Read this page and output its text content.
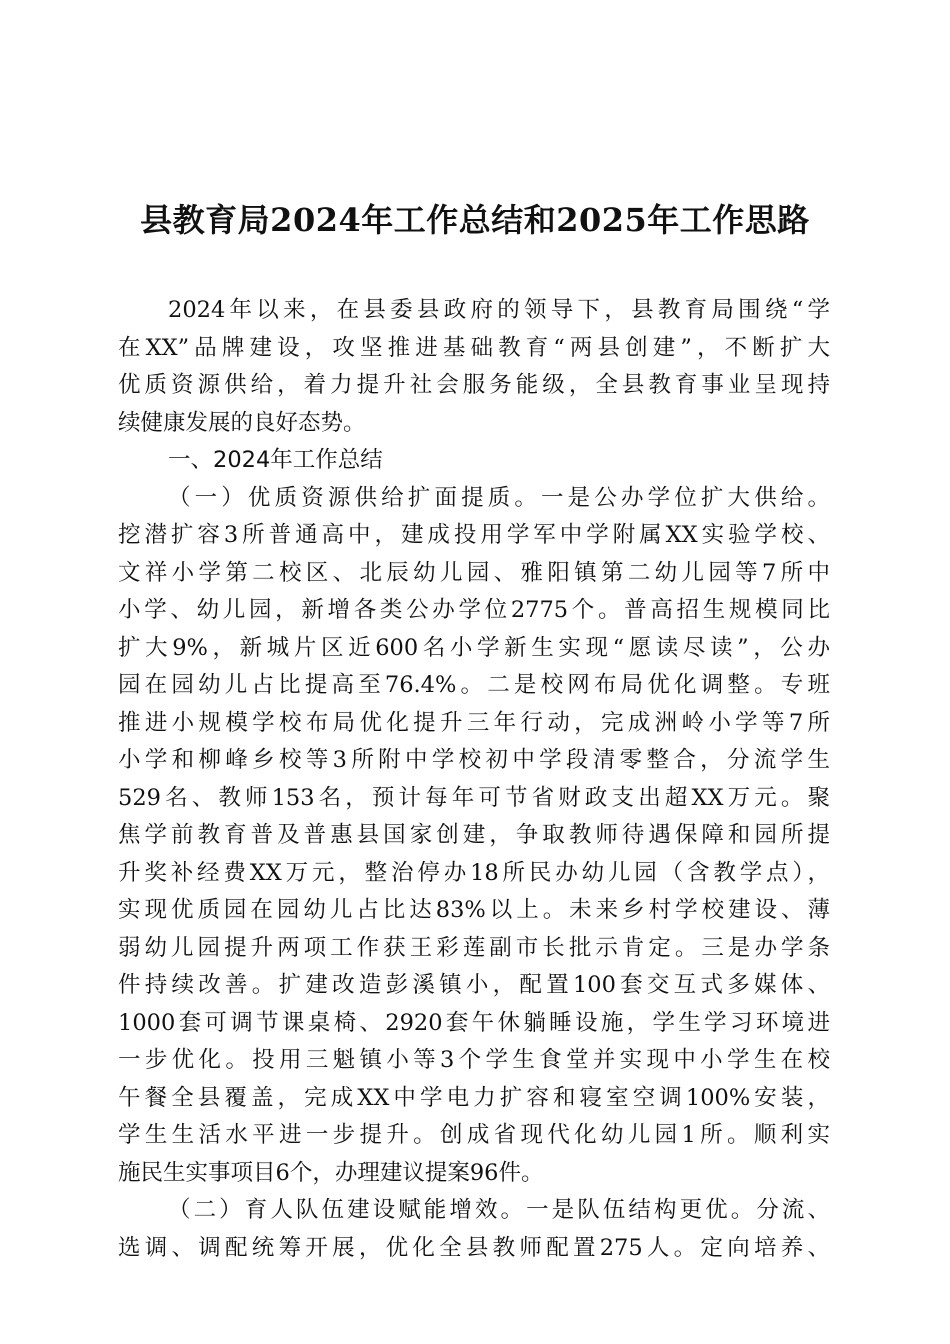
县教育局2024年工作总结和2025年工作思路
2024年以来，在县委县政府的领导下，县教育局围绕“学
在XX”品牌建设，攻坚推进基础教育“两县创建”，不断扩大
优质资源供给，着力提升社会服务能级，全县教育事业呈现持
续健康发展的良好态势。
一、2024年工作总结
（一）优质资源供给扩面提质。一是公办学位扩大供给。
挖潜扩容3所普通高中，建成投用学军中学附属XX实验学校、
文祥小学第二校区、北辰幼儿园、雅阳镇第二幼儿园等7所中
小学、幼儿园，新增各类公办学位2775个。普高招生规模同比
扩大9%，新城片区近600名小学新生实现“愿读尽读”，公办
园在园幼儿占比提高至76.4%。二是校网布局优化调整。专班
推进小规模学校布局优化提升三年行动，完成洲岭小学等7所
小学和柳峰乡校等3所附中学校初中学段清零整合，分流学生
529名、教师153名，预计每年可节省财政支出超XX万元。聚
焦学前教育普及普惠县国家创建，争取教师待遇保障和园所提
升奖补经费XX万元，整治停办18所民办幼儿园（含教学点），
实现优质园在园幼儿占比达83%以上。未来乡村学校建设、薄
弱幼儿园提升两项工作获王彩莲副市长批示肯定。三是办学条
件持续改善。扩建改造彭溪镇小，配置100套交互式多媒体、
1000套可调节课桌椅、2920套午休躺睡设施，学生学习环境进
一步优化。投用三魁镇小等3个学生食堂并实现中小学生在校
午餐全县覆盖，完成XX中学电力扩容和寝室空调100%安装，
学生生活水平进一步提升。创成省现代化幼儿园1所。顺利实
施民生实事项目6个，办理建议提案96件。
（二）育人队伍建设赋能增效。一是队伍结构更优。分流、
选调、调配统筹开展，优化全县教师配置275人。定向培养、
